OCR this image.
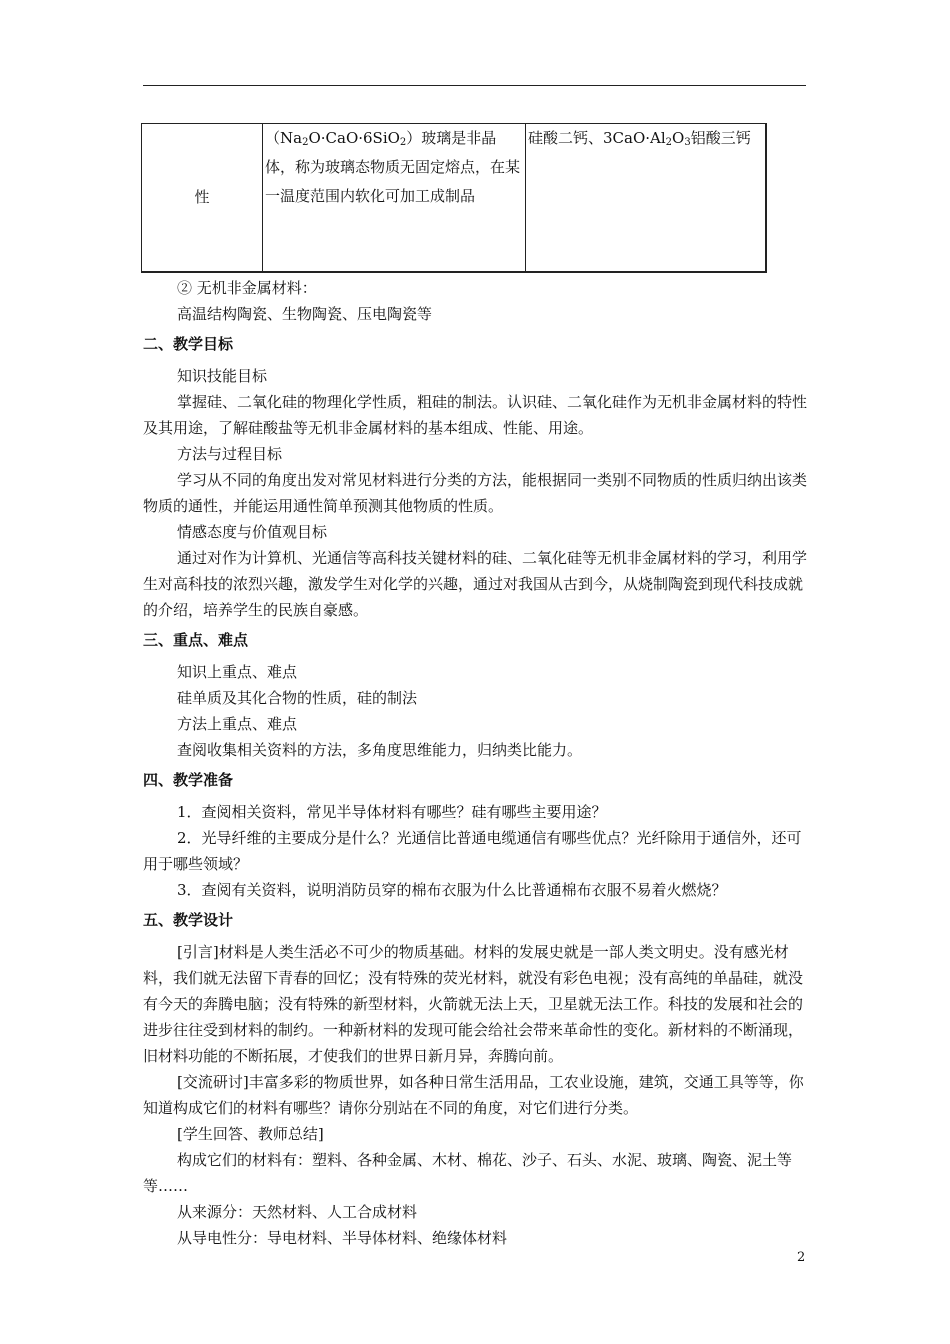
性	$(Na_2O\cdot CaO\cdot 6SiO_2)$玻璃是非晶体，称为玻璃态物质无固定熔点，在某一温度范围内软化可加工成制品	硅酸二钙、$3CaO\cdot Al_2O_3$铝酸三钙

② 无机非金属材料：

高温结构陶瓷、生物陶瓷、压电陶瓷等

二、教学目标

知识技能目标

掌握硅、二氧化硅的物理化学性质，粗硅的制法。认识硅、二氧化硅作为无机非金属材料的特性及其用途，了解硅酸盐等无机非金属材料的基本组成、性能、用途。

方法与过程目标

学习从不同的角度出发对常见材料进行分类的方法，能根据同一类别不同物质的性质归纳出该类物质的通性，并能运用通性简单预测其他物质的性质。

情感态度与价值观目标

通过对作为计算机、光通信等高科技关键材料的硅、二氧化硅等无机非金属材料的学习，利用学生对高科技的浓烈兴趣，激发学生对化学的兴趣，通过对我国从古到今，从烧制陶瓷到现代科技成就的介绍，培养学生的民族自豪感。

三、重点、难点

知识上重点、难点

硅单质及其化合物的性质，硅的制法

方法上重点、难点

查阅收集相关资料的方法，多角度思维能力，归纳类比能力。

四、教学准备

1．查阅相关资料，常见半导体材料有哪些？硅有哪些主要用途？

2．光导纤维的主要成分是什么？光通信比普通电缆通信有哪些优点？光纤除用于通信外，还可用于哪些领域？

3．查阅有关资料，说明消防员穿的棉布衣服为什么比普通棉布衣服不易着火燃烧？

五、教学设计

[引言]材料是人类生活必不可少的物质基础。材料的发展史就是一部人类文明史。没有感光材料，我们就无法留下青春的回忆；没有特殊的荧光材料，就没有彩色电视；没有高纯的单晶硅，就没有今天的奔腾电脑；没有特殊的新型材料，火箭就无法上天，卫星就无法工作。科技的发展和社会的进步往往受到材料的制约。一种新材料的发现可能会给社会带来革命性的变化。新材料的不断涌现，旧材料功能的不断拓展，才使我们的世界日新月异，奔腾向前。

[交流研讨]丰富多彩的物质世界，如各种日常生活用品，工农业设施，建筑，交通工具等等，你知道构成它们的材料有哪些？请你分别站在不同的角度，对它们进行分类。

[学生回答、教师总结]

构成它们的材料有：塑料、各种金属、木材、棉花、沙子、石头、水泥、玻璃、陶瓷、泥土等等……

从来源分：天然材料、人工合成材料

从导电性分：导电材料、半导体材料、绝缘体材料

2
